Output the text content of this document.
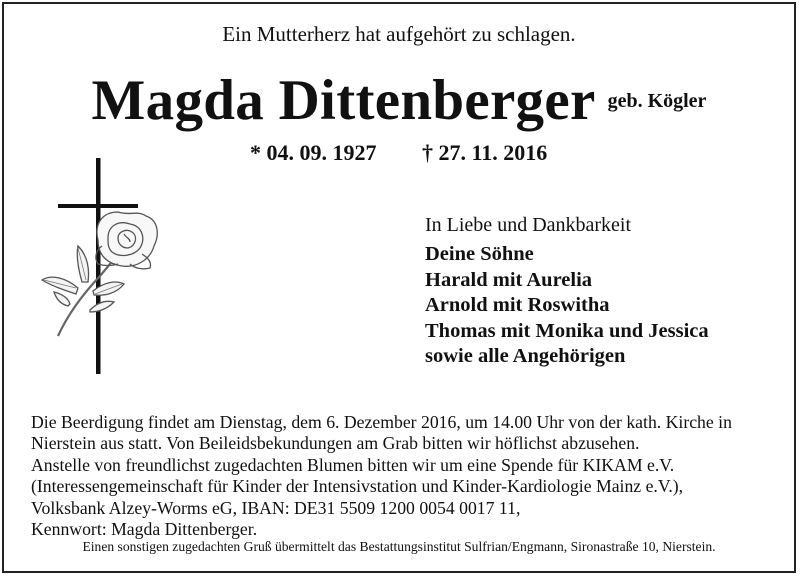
Ein Mutterherz hat aufgehört zu schlagen.
Magda Dittenberger geb. Kögler
* 04. 09. 1927 † 27. 11. 2016
In Liebe und Dankbarkeit
Deine Söhne
Harald mit Aurelia
Arnold mit Roswitha
Thomas mit Monika und Jessica
sowie alle Angehörigen
Die Beerdigung findet am Dienstag, dem 6. Dezember 2016, um 14.00 Uhr von der kath. Kirche in
Nierstein aus statt. Von Beileidsbekundungen am Grab bitten wir höflichst abzusehen.
Anstelle von freundlichst zugedachten Blumen bitten wir um eine Spende für KIKAM e.V.
(Interessengemeinschaft für Kinder der Intensivstation und Kinder-Kardiologie Mainz e.V.),
Volksbank Alzey-Worms eG, IBAN: DE31 5509 1200 0054 0017 11,
Kennwort: Magda Dittenberger.
Einen sonstigen zugedachten Gruß übermittelt das Bestattungsinstitut Sulfrian/Engmann, Sironastraße 10, Nierstein.
